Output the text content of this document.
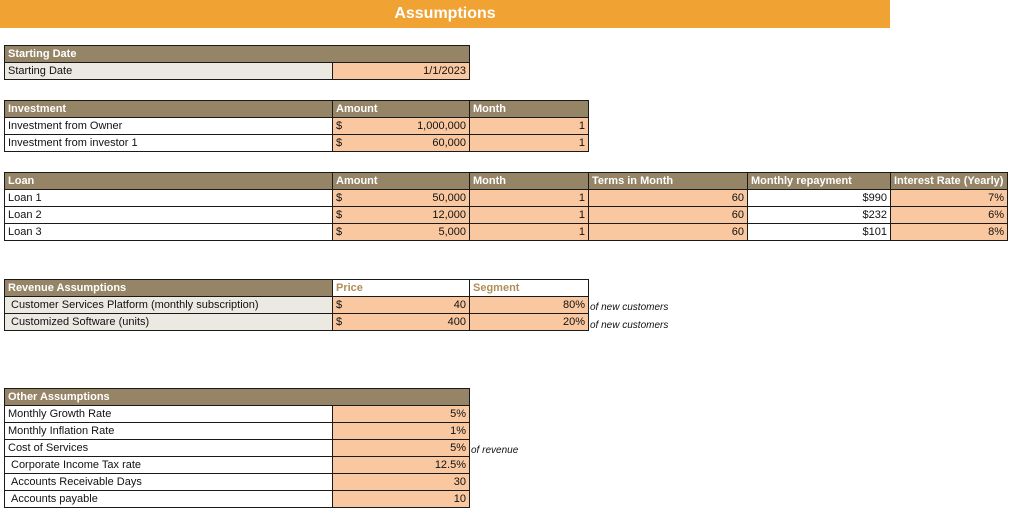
Assumptions
Starting Date
Starting Date	1/1/2023
Investment	Amount	Month
Investment from Owner	$ 1,000,000	1
Investment from investor 1	$ 60,000	1
Loan	Amount	Month	Terms in Month	Monthly repayment	Interest Rate (Yearly)
Loan 1	$ 50,000	1	60	$990	7%
Loan 2	$ 12,000	1	60	$232	6%
Loan 3	$ 5,000	1	60	$101	8%
Revenue Assumptions	Price	Segment
Customer Services Platform (monthly subscription)	$ 40	80%
Customized Software (units)	$ 400	20%
of new customers
of new customers
Other Assumptions	
Monthly Growth Rate	5%
Monthly Inflation Rate	1%
Cost of Services	5%
Corporate Income Tax rate	12.5%
Accounts Receivable Days	30
Accounts payable	10
of revenue
